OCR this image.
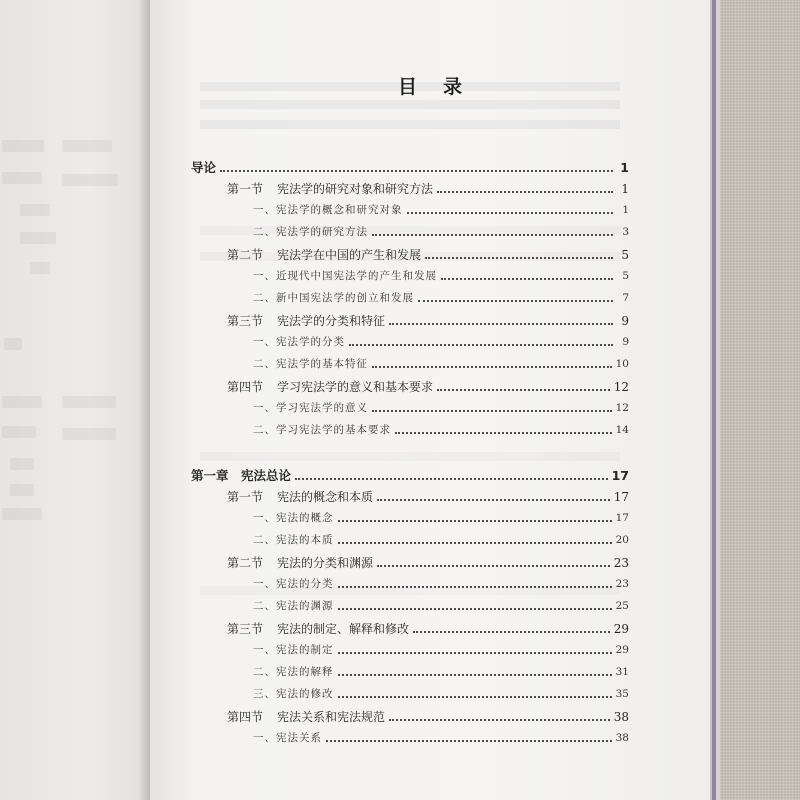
目录
导论	1
第一节 宪法学的研究对象和研究方法	1
一、宪法学的概念和研究对象	1
二、宪法学的研究方法	3
第二节 宪法学在中国的产生和发展	5
一、近现代中国宪法学的产生和发展	5
二、新中国宪法学的创立和发展	7
第三节 宪法学的分类和特征	9
一、宪法学的分类	9
二、宪法学的基本特征	10
第四节 学习宪法学的意义和基本要求	12
一、学习宪法学的意义	12
二、学习宪法学的基本要求	14
第一章　宪法总论	17
第一节 宪法的概念和本质	17
一、宪法的概念	17
二、宪法的本质	20
第二节 宪法的分类和渊源	23
一、宪法的分类	23
二、宪法的渊源	25
第三节 宪法的制定、解释和修改	29
一、宪法的制定	29
二、宪法的解释	31
三、宪法的修改	35
第四节 宪法关系和宪法规范	38
一、宪法关系	38
